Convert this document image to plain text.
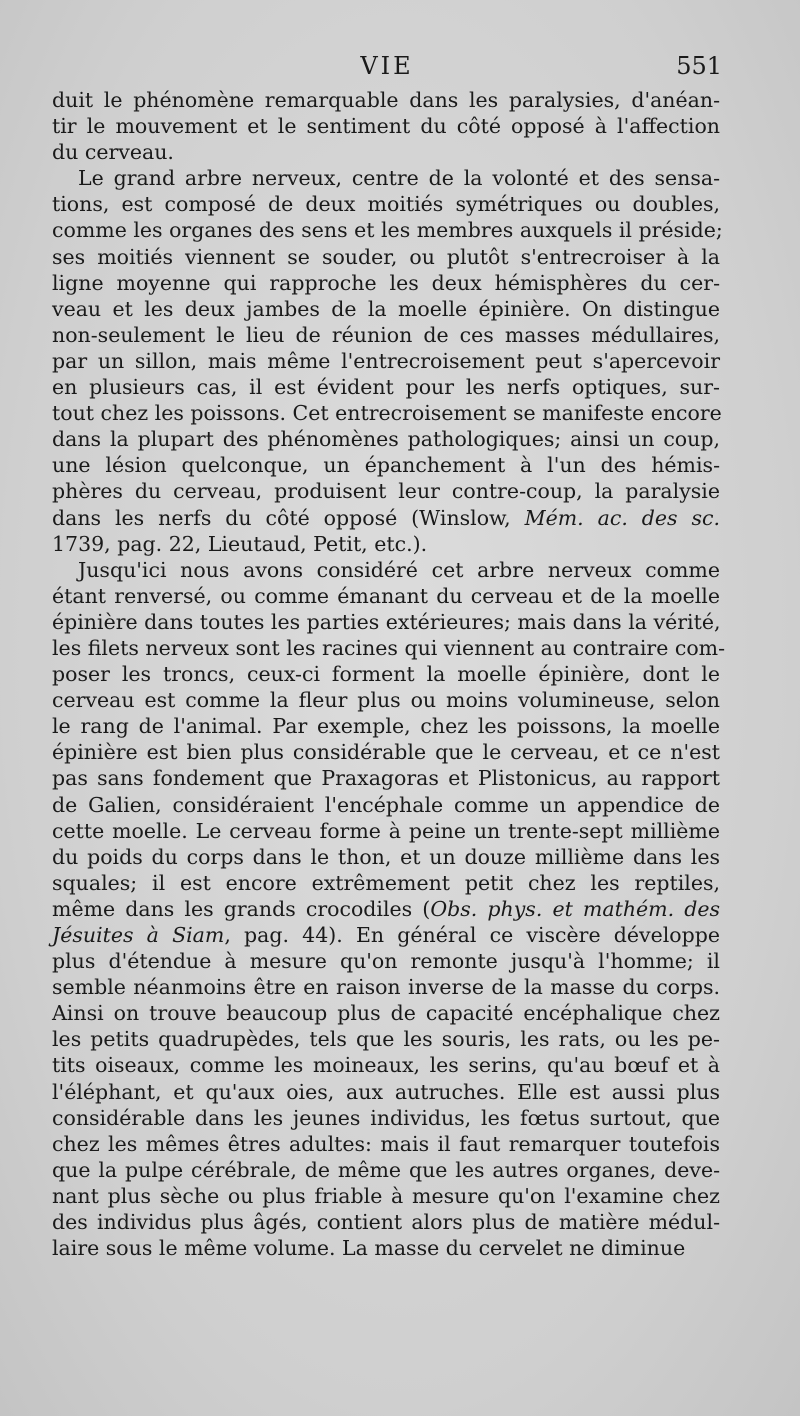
VIE	551
duit le phénomène remarquable dans les paralysies, d'anéan-
tir le mouvement et le sentiment du côté opposé à l'affection
du cerveau.
Le grand arbre nerveux, centre de la volonté et des sensa-
tions, est composé de deux moitiés symétriques ou doubles,
comme les organes des sens et les membres auxquels il préside;
ses moitiés viennent se souder, ou plutôt s'entrecroiser à la
ligne moyenne qui rapproche les deux hémisphères du cer-
veau et les deux jambes de la moelle épinière. On distingue
non-seulement le lieu de réunion de ces masses médullaires,
par un sillon, mais même l'entrecroisement peut s'apercevoir
en plusieurs cas, il est évident pour les nerfs optiques, sur-
tout chez les poissons. Cet entrecroisement se manifeste encore
dans la plupart des phénomènes pathologiques; ainsi un coup,
une lésion quelconque, un épanchement à l'un des hémis-
phères du cerveau, produisent leur contre-coup, la paralysie
dans les nerfs du côté opposé (Winslow, Mém. ac. des sc.
1739, pag. 22, Lieutaud, Petit, etc.).
Jusqu'ici nous avons considéré cet arbre nerveux comme
étant renversé, ou comme émanant du cerveau et de la moelle
épinière dans toutes les parties extérieures; mais dans la vérité,
les filets nerveux sont les racines qui viennent au contraire com-
poser les troncs, ceux-ci forment la moelle épinière, dont le
cerveau est comme la fleur plus ou moins volumineuse, selon
le rang de l'animal. Par exemple, chez les poissons, la moelle
épinière est bien plus considérable que le cerveau, et ce n'est
pas sans fondement que Praxagoras et Plistonicus, au rapport
de Galien, considéraient l'encéphale comme un appendice de
cette moelle. Le cerveau forme à peine un trente-sept millième
du poids du corps dans le thon, et un douze millième dans les
squales; il est encore extrêmement petit chez les reptiles,
même dans les grands crocodiles (Obs. phys. et mathém. des
Jésuites à Siam, pag. 44). En général ce viscère développe
plus d'étendue à mesure qu'on remonte jusqu'à l'homme; il
semble néanmoins être en raison inverse de la masse du corps.
Ainsi on trouve beaucoup plus de capacité encéphalique chez
les petits quadrupèdes, tels que les souris, les rats, ou les pe-
tits oiseaux, comme les moineaux, les serins, qu'au bœuf et à
l'éléphant, et qu'aux oies, aux autruches. Elle est aussi plus
considérable dans les jeunes individus, les fœtus surtout, que
chez les mêmes êtres adultes: mais il faut remarquer toutefois
que la pulpe cérébrale, de même que les autres organes, deve-
nant plus sèche ou plus friable à mesure qu'on l'examine chez
des individus plus âgés, contient alors plus de matière médul-
laire sous le même volume. La masse du cervelet ne diminue
